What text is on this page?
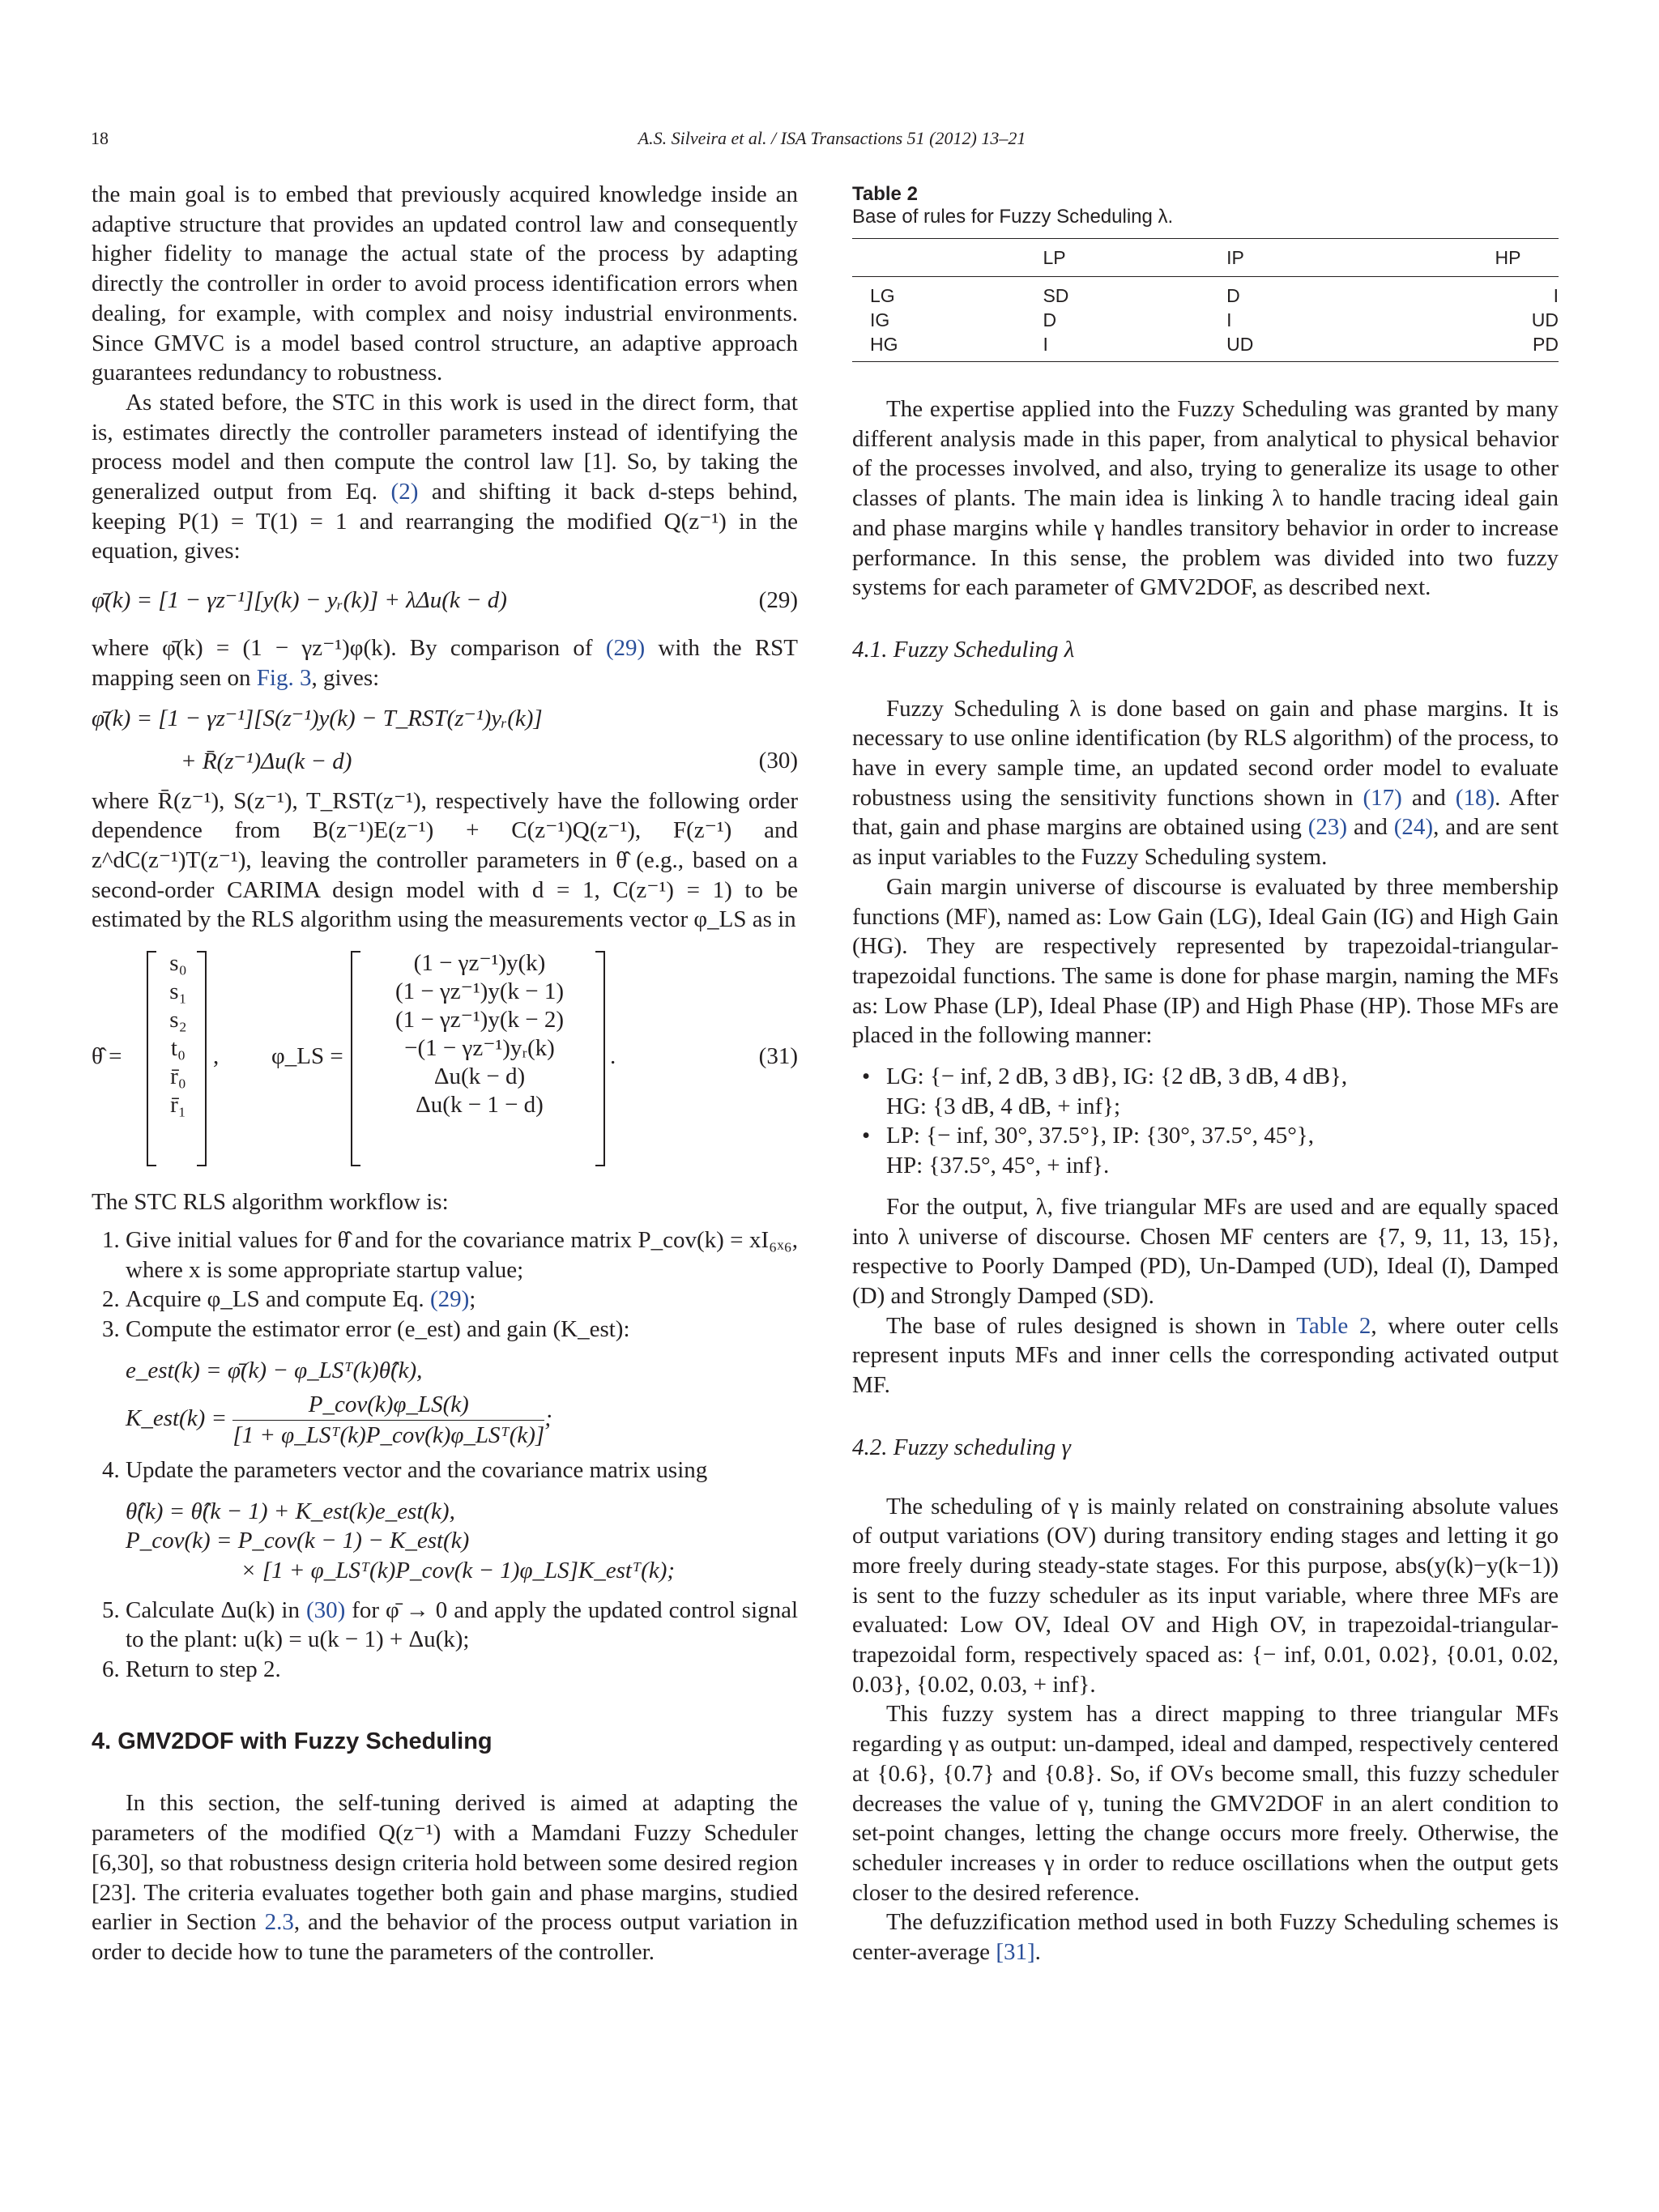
18	A.S. Silveira et al. / ISA Transactions 51 (2012) 13–21

the main goal is to embed that previously acquired knowledge inside an adaptive structure that provides an updated control law and consequently higher fidelity to manage the actual state of the process by adapting directly the controller in order to avoid process identification errors when dealing, for example, with complex and noisy industrial environments. Since GMVC is a model based control structure, an adaptive approach guarantees redundancy to robustness.

As stated before, the STC in this work is used in the direct form, that is, estimates directly the controller parameters instead of identifying the process model and then compute the control law [1]. So, by taking the generalized output from Eq. (2) and shifting it back d-steps behind, keeping P(1) = T(1) = 1 and rearranging the modified Q(z⁻¹) in the equation, gives:

φ̄(k) = [1 − γz⁻¹][y(k) − yᵣ(k)] + λΔu(k − d)	(29)

where φ̄(k) = (1 − γz⁻¹)φ(k). By comparison of (29) with the RST mapping seen on Fig. 3, gives:

φ̄(k) = [1 − γz⁻¹][S(z⁻¹)y(k) − T_RST(z⁻¹)yᵣ(k)]
+ R̄(z⁻¹)Δu(k − d)	(30)

where R̄(z⁻¹), S(z⁻¹), T_RST(z⁻¹), respectively have the following order dependence from B(z⁻¹)E(z⁻¹) + C(z⁻¹)Q(z⁻¹), F(z⁻¹) and z^dC(z⁻¹)T(z⁻¹), leaving the controller parameters in θ̂ (e.g., based on a second-order CARIMA design model with d = 1, C(z⁻¹) = 1) to be estimated by the RLS algorithm using the measurements vector φ_LS as in

θ̂ =
s₀
s₁
s₂
t₀
r̄₀
r̄₁
, φ_LS =
(1 − γz⁻¹)y(k)
(1 − γz⁻¹)y(k − 1)
(1 − γz⁻¹)y(k − 2)
−(1 − γz⁻¹)yᵣ(k)
Δu(k − d)
Δu(k − 1 − d)
.	(31)

The STC RLS algorithm workflow is:

1. Give initial values for θ̂ and for the covariance matrix P_cov(k) = xI₆ₓ₆, where x is some appropriate startup value;
2. Acquire φ_LS and compute Eq. (29);
3. Compute the estimator error (e_est) and gain (K_est):
e_est(k) = φ̄(k) − φ_LSᵀ(k)θ̂(k),
K_est(k) = $\frac{\text{P\_cov(k)φ\_LS(k)}}{\text{[1 + φ\_LSᵀ(k)P\_cov(k)φ\_LSᵀ(k)]}}$ ;
4. Update the parameters vector and the covariance matrix using
θ̂(k) = θ̂(k − 1) + K_est(k)e_est(k),
P_cov(k) = P_cov(k − 1) − K_est(k)
× [1 + φ_LSᵀ(k)P_cov(k − 1)φ_LS]K_estᵀ(k);
5. Calculate Δu(k) in (30) for φ̄ → 0 and apply the updated control signal to the plant: u(k) = u(k − 1) + Δu(k);
6. Return to step 2.
4. GMV2DOF with Fuzzy Scheduling

In this section, the self-tuning derived is aimed at adapting the parameters of the modified Q(z⁻¹) with a Mamdani Fuzzy Scheduler [6,30], so that robustness design criteria hold between some desired region [23]. The criteria evaluates together both gain and phase margins, studied earlier in Section 2.3, and the behavior of the process output variation in order to decide how to tune the parameters of the controller.

Table 2
Base of rules for Fuzzy Scheduling λ.
	LP	IP	HP
LG	SD	D	I
IG	D	I	UD
HG	I	UD	PD

The expertise applied into the Fuzzy Scheduling was granted by many different analysis made in this paper, from analytical to physical behavior of the processes involved, and also, trying to generalize its usage to other classes of plants. The main idea is linking λ to handle tracing ideal gain and phase margins while γ handles transitory behavior in order to increase performance. In this sense, the problem was divided into two fuzzy systems for each parameter of GMV2DOF, as described next.

4.1. Fuzzy Scheduling λ

Fuzzy Scheduling λ is done based on gain and phase margins. It is necessary to use online identification (by RLS algorithm) of the process, to have in every sample time, an updated second order model to evaluate robustness using the sensitivity functions shown in (17) and (18). After that, gain and phase margins are obtained using (23) and (24), and are sent as input variables to the Fuzzy Scheduling system.

Gain margin universe of discourse is evaluated by three membership functions (MF), named as: Low Gain (LG), Ideal Gain (IG) and High Gain (HG). They are respectively represented by trapezoidal-triangular-trapezoidal functions. The same is done for phase margin, naming the MFs as: Low Phase (LP), Ideal Phase (IP) and High Phase (HP). Those MFs are placed in the following manner:

• LG: {− inf, 2 dB, 3 dB}, IG: {2 dB, 3 dB, 4 dB},
HG: {3 dB, 4 dB, + inf};
• LP: {− inf, 30°, 37.5°}, IP: {30°, 37.5°, 45°},
HP: {37.5°, 45°, + inf}.

For the output, λ, five triangular MFs are used and are equally spaced into λ universe of discourse. Chosen MF centers are {7, 9, 11, 13, 15}, respective to Poorly Damped (PD), Un-Damped (UD), Ideal (I), Damped (D) and Strongly Damped (SD).

The base of rules designed is shown in Table 2, where outer cells represent inputs MFs and inner cells the corresponding activated output MF.

4.2. Fuzzy scheduling γ

The scheduling of γ is mainly related on constraining absolute values of output variations (OV) during transitory ending stages and letting it go more freely during steady-state stages. For this purpose, abs(y(k)−y(k−1)) is sent to the fuzzy scheduler as its input variable, where three MFs are evaluated: Low OV, Ideal OV and High OV, in trapezoidal-triangular-trapezoidal form, respectively spaced as: {− inf, 0.01, 0.02}, {0.01, 0.02, 0.03}, {0.02, 0.03, + inf}.

This fuzzy system has a direct mapping to three triangular MFs regarding γ as output: un-damped, ideal and damped, respectively centered at {0.6}, {0.7} and {0.8}. So, if OVs become small, this fuzzy scheduler decreases the value of γ, tuning the GMV2DOF in an alert condition to set-point changes, letting the change occurs more freely. Otherwise, the scheduler increases γ in order to reduce oscillations when the output gets closer to the desired reference.

The defuzzification method used in both Fuzzy Scheduling schemes is center-average [31].
